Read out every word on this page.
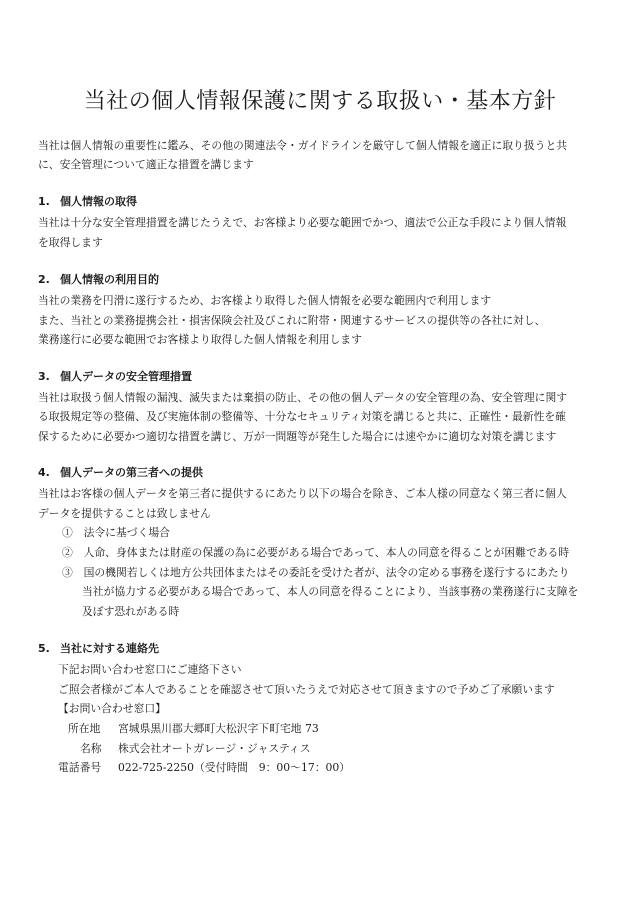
当社の個人情報保護に関する取扱い・基本方針
当社は個人情報の重要性に鑑み、その他の関連法令・ガイドラインを厳守して個人情報を適正に取り扱うと共
に、安全管理について適正な措置を講じます
1. 個人情報の取得
当社は十分な安全管理措置を講じたうえで、お客様より必要な範囲でかつ、適法で公正な手段により個人情報
を取得します
2. 個人情報の利用目的
当社の業務を円滑に遂行するため、お客様より取得した個人情報を必要な範囲内で利用します
また、当社との業務提携会社・損害保険会社及びこれに附帯・関連するサービスの提供等の各社に対し、
業務遂行に必要な範囲でお客様より取得した個人情報を利用します
3. 個人データの安全管理措置
当社は取扱う個人情報の漏洩、滅失または棄損の防止、その他の個人データの安全管理の為、安全管理に関す
る取扱規定等の整備、及び実施体制の整備等、十分なセキュリティ対策を講じると共に、正確性・最新性を確
保するために必要かつ適切な措置を講じ、万が一問題等が発生した場合には速やかに適切な対策を講じます
4. 個人データの第三者への提供
当社はお客様の個人データを第三者に提供するにあたり以下の場合を除き、ご本人様の同意なく第三者に個人
データを提供することは致しません
①　法令に基づく場合
②　人命、身体または財産の保護の為に必要がある場合であって、本人の同意を得ることが困難である時
③　国の機関若しくは地方公共団体またはその委託を受けた者が、法令の定める事務を遂行するにあたり
当社が協力する必要がある場合であって、本人の同意を得ることにより、当該事務の業務遂行に支障を
及ぼす恐れがある時
5. 当社に対する連絡先
下記お問い合わせ窓口にご連絡下さい
ご照会者様がご本人であることを確認させて頂いたうえで対応させて頂きますので予めご了承願います
【お問い合わせ窓口】
所在地 宮城県黒川郡大郷町大松沢字下町宅地 73
名称 株式会社オートガレージ・ジャスティス
電話番号 022-725-2250（受付時間　9：00～17：00）
